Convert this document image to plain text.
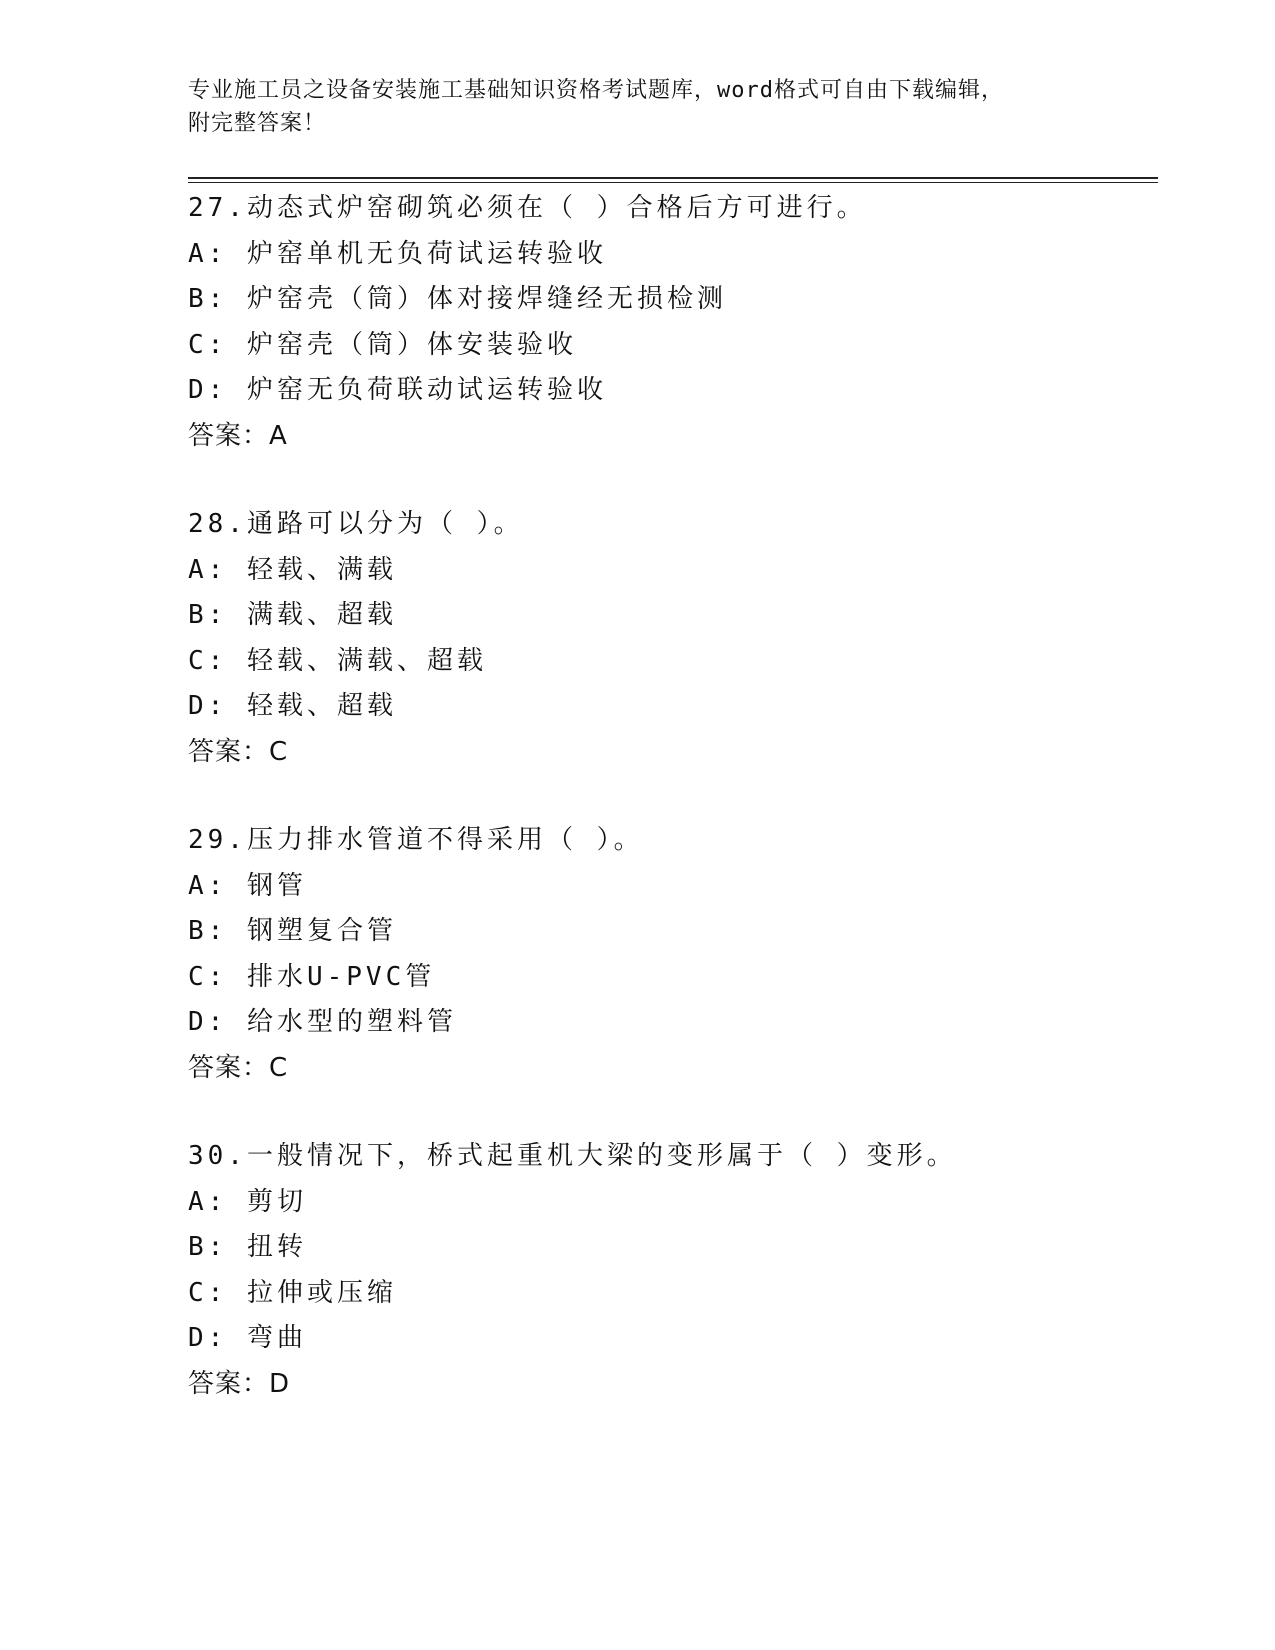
专业施工员之设备安装施工基础知识资格考试题库，word格式可自由下载编辑，
附完整答案！
27.动态式炉窑砌筑必须在（ ）合格后方可进行。
A: 炉窑单机无负荷试运转验收
B: 炉窑壳（筒）体对接焊缝经无损检测
C: 炉窑壳（筒）体安装验收
D: 炉窑无负荷联动试运转验收
答案：A
28.通路可以分为（ ）。
A: 轻载、满载
B: 满载、超载
C: 轻载、满载、超载
D: 轻载、超载
答案：C
29.压力排水管道不得采用（ ）。
A: 钢管
B: 钢塑复合管
C: 排水U-PVC管
D: 给水型的塑料管
答案：C
30.一般情况下，桥式起重机大梁的变形属于（ ）变形。
A: 剪切
B: 扭转
C: 拉伸或压缩
D: 弯曲
答案：D
